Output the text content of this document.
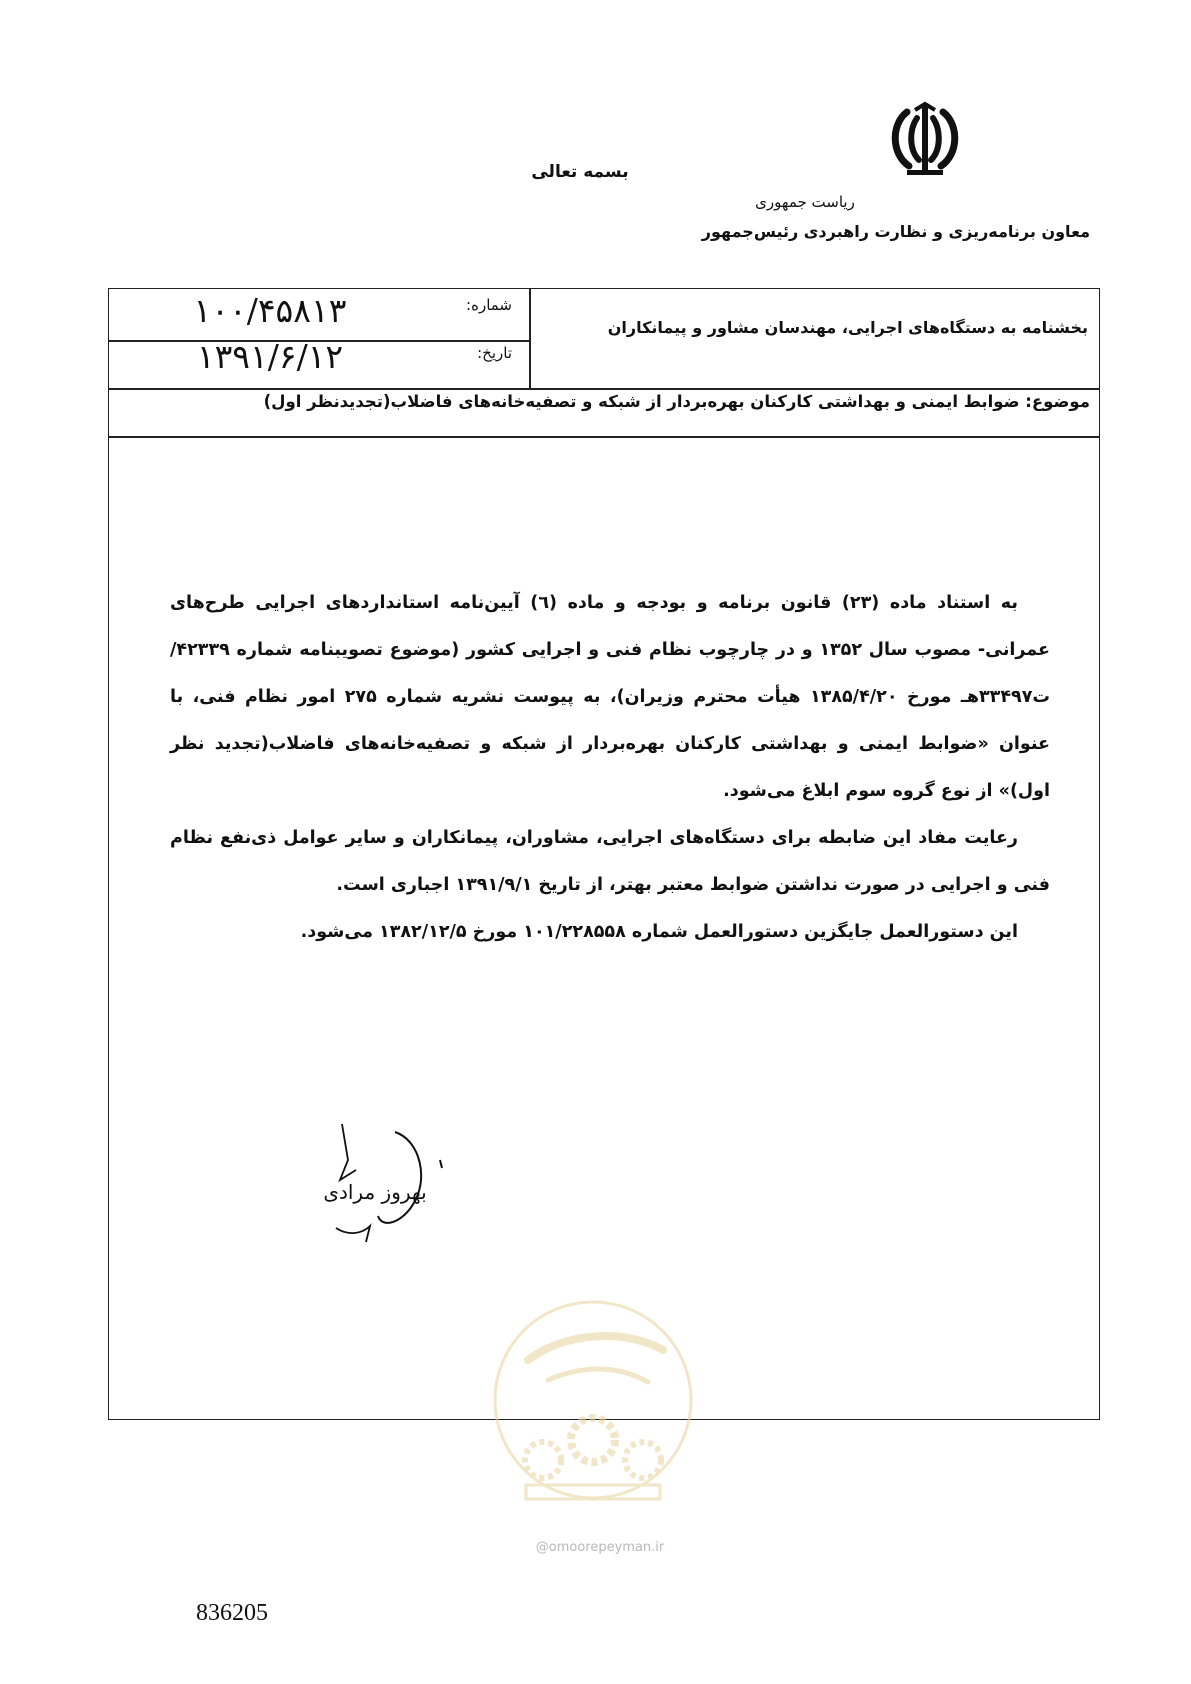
بسمه تعالی
ریاست جمهوری
معاون برنامه‌ریزی و نظارت راهبردی رئیس‌جمهور
بخشنامه به دستگاه‌های اجرایی، مهندسان مشاور و پیمانکاران
شماره:
۱۰۰/۴۵۸۱۳
تاریخ:
۱۳۹۱/۶/۱۲
موضوع: ضوابط ایمنی و بهداشتی کارکنان بهره‌بردار از شبکه و تصفیه‌خانه‌های فاضلاب(تجدیدنظر اول)

به استناد ماده (۲۳) قانون برنامه و بودجه و ماده (٦) آیین‌نامه استانداردهای اجرایی طرح‌های عمرانی- مصوب سال ۱۳۵۲ و در چارچوب نظام فنی و اجرایی کشور (موضوع تصویبنامه شماره ۴۲۳۳۹/ت۳۳۴۹۷هـ مورخ ۱۳۸۵/۴/۲۰ هیأت محترم وزیران)، به پیوست نشریه شماره ۲۷۵ امور نظام فنی، با عنوان «ضوابط ایمنی و بهداشتی کارکنان بهره‌بردار از شبکه و تصفیه‌خانه‌های فاضلاب(تجدید نظر اول)» از نوع گروه سوم ابلاغ می‌شود.

رعایت مفاد این ضابطه برای دستگاه‌های اجرایی، مشاوران، پیمانکاران و سایر عوامل ذی‌نفع نظام فنی و اجرایی در صورت نداشتن ضوابط معتبر بهتر، از تاریخ ۱۳۹۱/۹/۱ اجباری است.

این دستورالعمل جایگزین دستورالعمل شماره ۱۰۱/۲۲۸۵۵۸ مورخ ۱۳۸۲/۱۲/۵ می‌شود.

بهروز مرادی
@omoorepeyman.ir
836205
